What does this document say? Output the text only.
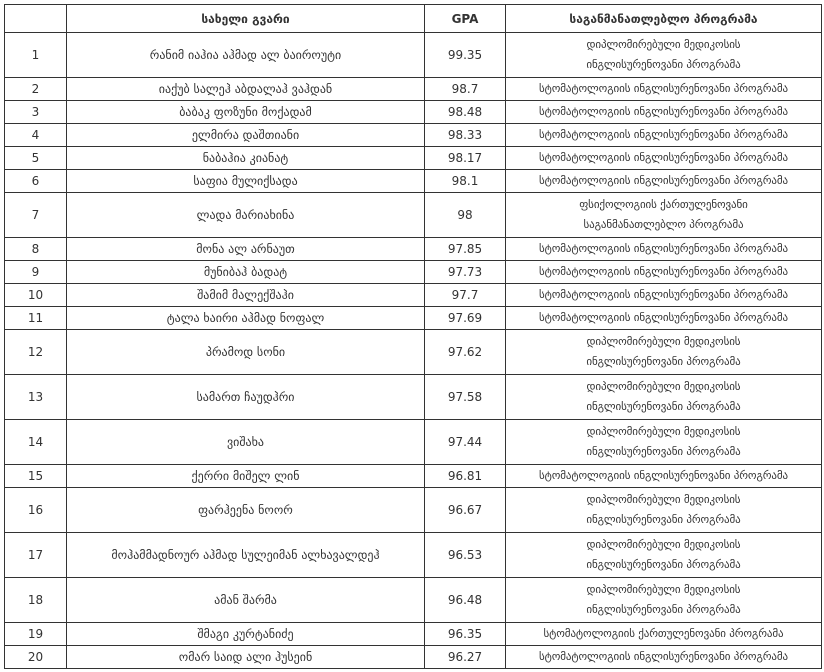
	სახელი გვარი	GPA	საგანმანათლებლო პროგრამა
1	რანიმ იაჰია აჰმად ალ ბაიროუტი	99.35	დიპლომირებული მედიკოსის
ინგლისურენოვანი პროგრამა

2	იაქუბ სალეჰ აბდალაჰ ვაჰდან	98.7	სტომატოლოგიის ინგლისურენოვანი პროგრამა

3	ბაბაკ ფოზუნი მოქადამ	98.48	სტომატოლოგიის ინგლისურენოვანი პროგრამა

4	ელმირა დაშთიანი	98.33	სტომატოლოგიის ინგლისურენოვანი პროგრამა

5	ნაბაჰია კიანატ	98.17	სტომატოლოგიის ინგლისურენოვანი პროგრამა

6	საფია მულიქსადა	98.1	სტომატოლოგიის ინგლისურენოვანი პროგრამა

7	ლადა მარიახინა	98	ფსიქოლოგიის ქართულენოვანი
საგანმანათლებლო პროგრამა

8	მონა ალ არნაუთ	97.85	სტომატოლოგიის ინგლისურენოვანი პროგრამა

9	მუნიბაჰ ბადატ	97.73	სტომატოლოგიის ინგლისურენოვანი პროგრამა

10	შამიმ მალექშაჰი	97.7	სტომატოლოგიის ინგლისურენოვანი პროგრამა

11	ტალა ხაირი აჰმად ნოფალ	97.69	სტომატოლოგიის ინგლისურენოვანი პროგრამა

12	პრამოდ სონი	97.62	დიპლომირებული მედიკოსის
ინგლისურენოვანი პროგრამა

13	სამართ ჩაუდჰრი	97.58	დიპლომირებული მედიკოსის
ინგლისურენოვანი პროგრამა

14	ვიშახა	97.44	დიპლომირებული მედიკოსის
ინგლისურენოვანი პროგრამა

15	ქერრი მიშელ ლინ	96.81	სტომატოლოგიის ინგლისურენოვანი პროგრამა

16	ფარჰეენა ნოორ	96.67	დიპლომირებული მედიკოსის
ინგლისურენოვანი პროგრამა

17	მოჰამმადნოურ აჰმად სულეიმან ალხავალდეჰ	96.53	დიპლომირებული მედიკოსის
ინგლისურენოვანი პროგრამა

18	ამან შარმა	96.48	დიპლომირებული მედიკოსის
ინგლისურენოვანი პროგრამა

19	შმაგი კურტანიძე	96.35	სტომატოლოგიის ქართულენოვანი პროგრამა

20	ომარ საიდ ალი ჰუსეინ	96.27	სტომატოლოგიის ინგლისურენოვანი პროგრამა
